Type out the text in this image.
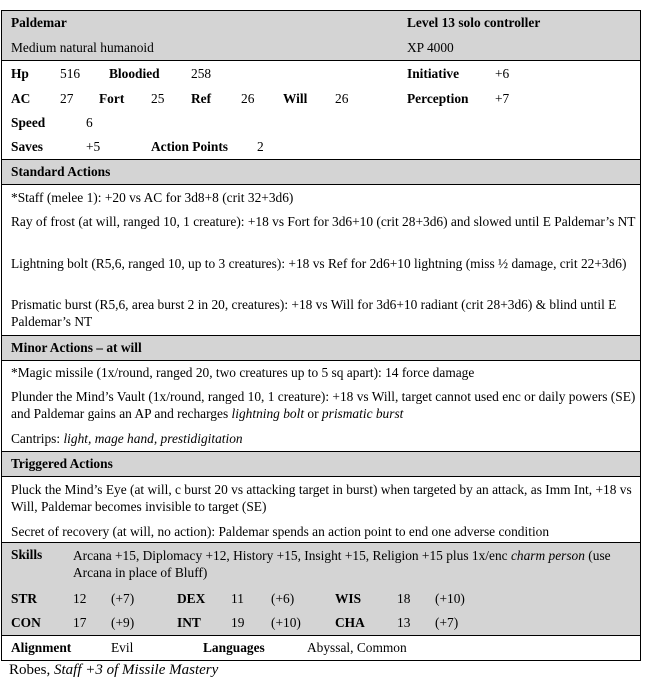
Paldemar	Level 13 solo controller
Medium natural humanoid	XP 4000
Hp 516 Bloodied 258	Initiative	+6
AC 27 Fort 25 Ref 26 Will 26	Perception +7
Speed	6
Saves	+5	Action Points 2
Standard Actions
*Staff (melee 1): +20 vs AC for 3d8+8 (crit 32+3d6)
Ray of frost (at will, ranged 10, 1 creature): +18 vs Fort for 3d6+10 (crit 28+3d6) and slowed until E Paldemar’s NT
Lightning bolt (R5,6, ranged 10, up to 3 creatures): +18 vs Ref for 2d6+10 lightning (miss ½ damage, crit 22+3d6)
Prismatic burst (R5,6, area burst 2 in 20, creatures): +18 vs Will for 3d6+10 radiant (crit 28+3d6) & blind until E Paldemar’s NT
Minor Actions – at will
*Magic missile (1x/round, ranged 20, two creatures up to 5 sq apart): 14 force damage
Plunder the Mind’s Vault (1x/round, ranged 10, 1 creature): +18 vs Will, target cannot used enc or daily powers (SE) and Paldemar gains an AP and recharges lightning bolt or prismatic burst
Cantrips: light, mage hand, prestidigitation
Triggered Actions
Pluck the Mind’s Eye (at will, c burst 20 vs attacking target in burst) when targeted by an attack, as Imm Int, +18 vs Will, Paldemar becomes invisible to target (SE)
Secret of recovery (at will, no action): Paldemar spends an action point to end one adverse condition
Skills Arcana +15, Diplomacy +12, History +15, Insight +15, Religion +15 plus 1x/enc charm person (use Arcana in place of Bluff)
STR	12 (+7)	DEX 11 (+6)	WIS	18 (+10)
CON 17 (+9)	INT 19 (+10)	CHA 13 (+7)
Alignment	Evil	Languages	Abyssal, Common
Robes, Staff +3 of Missile Mastery
